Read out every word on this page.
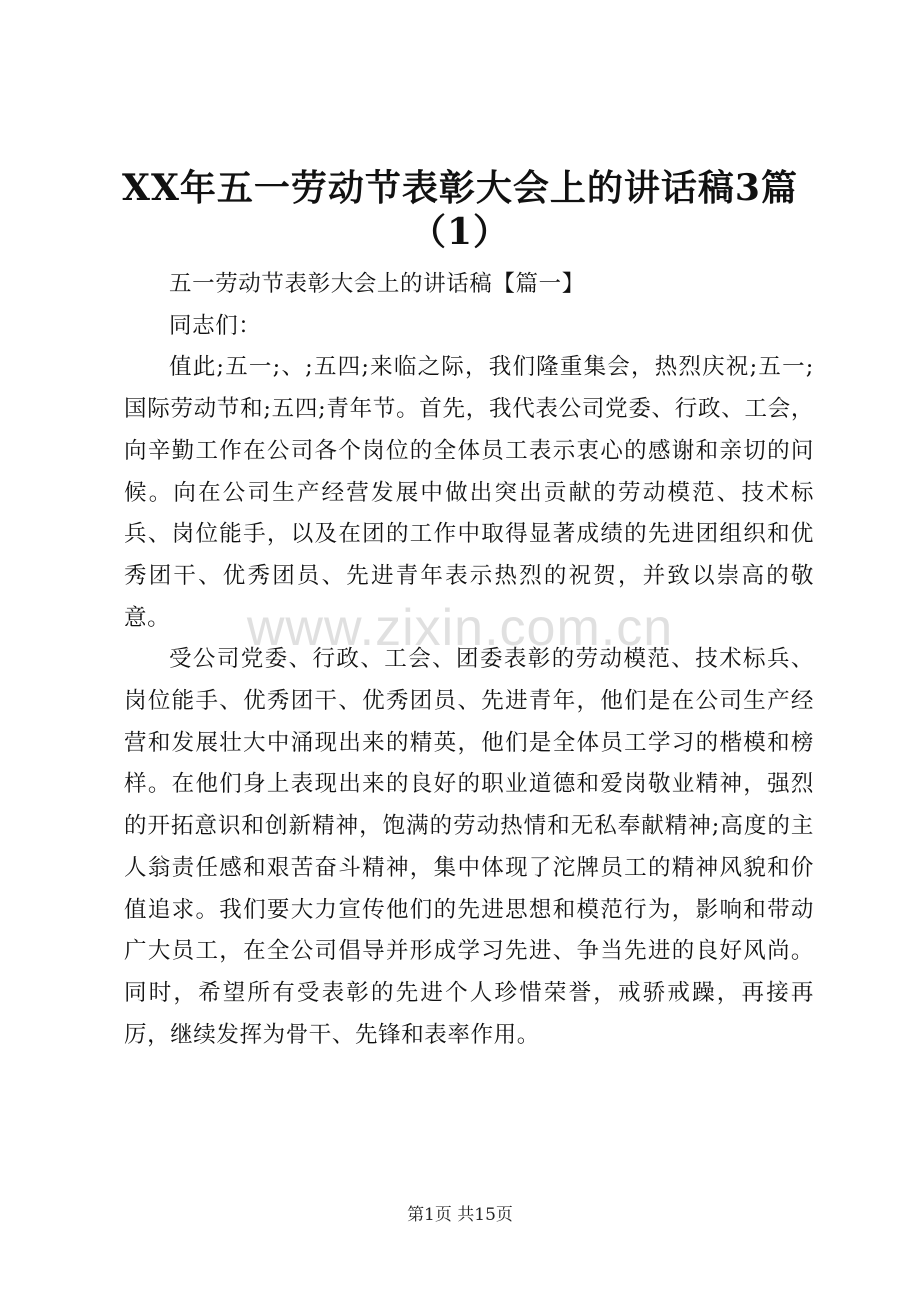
XX年五一劳动节表彰大会上的讲话稿3篇
（1）
www.zixin.com.cn

五一劳动节表彰大会上的讲话稿【篇一】

同志们：

值此;五一;、;五四;来临之际，我们隆重集会，热烈庆祝;五一;国际劳动节和;五四;青年节。首先，我代表公司党委、行政、工会，向辛勤工作在公司各个岗位的全体员工表示衷心的感谢和亲切的问候。向在公司生产经营发展中做出突出贡献的劳动模范、技术标兵、岗位能手，以及在团的工作中取得显著成绩的先进团组织和优秀团干、优秀团员、先进青年表示热烈的祝贺，并致以崇高的敬意。

受公司党委、行政、工会、团委表彰的劳动模范、技术标兵、岗位能手、优秀团干、优秀团员、先进青年，他们是在公司生产经营和发展壮大中涌现出来的精英，他们是全体员工学习的楷模和榜样。在他们身上表现出来的良好的职业道德和爱岗敬业精神，强烈的开拓意识和创新精神，饱满的劳动热情和无私奉献精神;高度的主人翁责任感和艰苦奋斗精神，集中体现了沱牌员工的精神风貌和价值追求。我们要大力宣传他们的先进思想和模范行为，影响和带动广大员工，在全公司倡导并形成学习先进、争当先进的良好风尚。同时，希望所有受表彰的先进个人珍惜荣誉，戒骄戒躁，再接再厉，继续发挥为骨干、先锋和表率作用。

第1页 共15页
